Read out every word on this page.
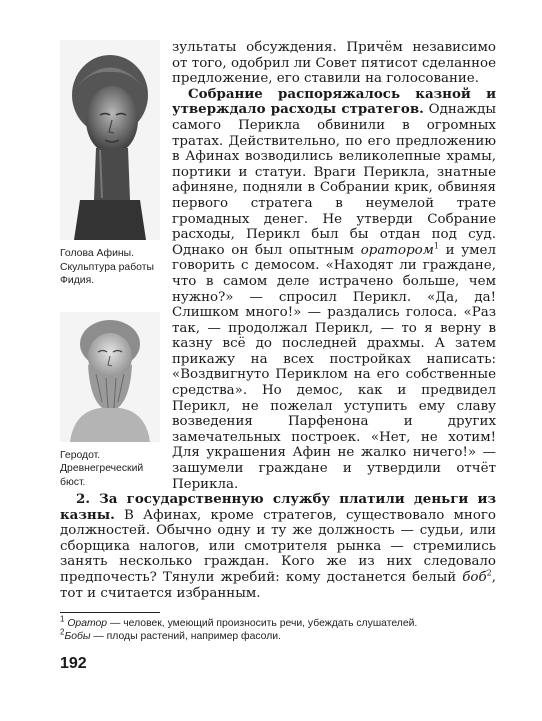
Голова Афины. Скульптура работы Фидия.
Геродот. Древнегреческий бюст.

зультаты обсуждения. Причём независимо от того, одобрил ли Совет пятисот сделанное предложение, его ставили на голосование.

Собрание распоряжалось казной и утверждало расходы стратегов. Однажды самого Перикла обвинили в огромных тратах. Действительно, по его предложению в Афинах возводились великолепные храмы, портики и статуи. Враги Перикла, знатные афиняне, подняли в Собрании крик, обвиняя первого стратега в неумелой трате громадных денег. Не утверди Собрание расходы, Перикл был бы отдан под суд. Однако он был опытным оратором$^1$ и умел говорить с демосом. «Находят ли граждане, что в самом деле истрачено больше, чем нужно?» — спросил Перикл. «Да, да! Слишком много!» — раздались голоса. «Раз так, — продолжал Перикл, — то я верну в казну всё до последней драхмы. А затем прикажу на всех постройках написать: «Воздвигнуто Периклом на его собственные средства». Но демос, как и предвидел Перикл, не пожелал уступить ему славу возведения Парфенона и других замечательных построек. «Нет, не хотим! Для украшения Афин не жалко ничего!» — зашумели граждане и утвердили отчёт Перикла.

2. За государственную службу платили деньги из казны. В Афинах, кроме стратегов, существовало много должностей. Обычно одну и ту же должность — судьи, или сборщика налогов, или смотрителя рынка — стремились занять несколько граждан. Кого же из них следовало предпочесть? Тянули жребий: кому достанется белый боб$^2$, тот и считается избранным.

$^1$ Оратор — человек, умеющий произносить речи, убеждать слушателей.

$^2$Бобы — плоды растений, например фасоли.

192
